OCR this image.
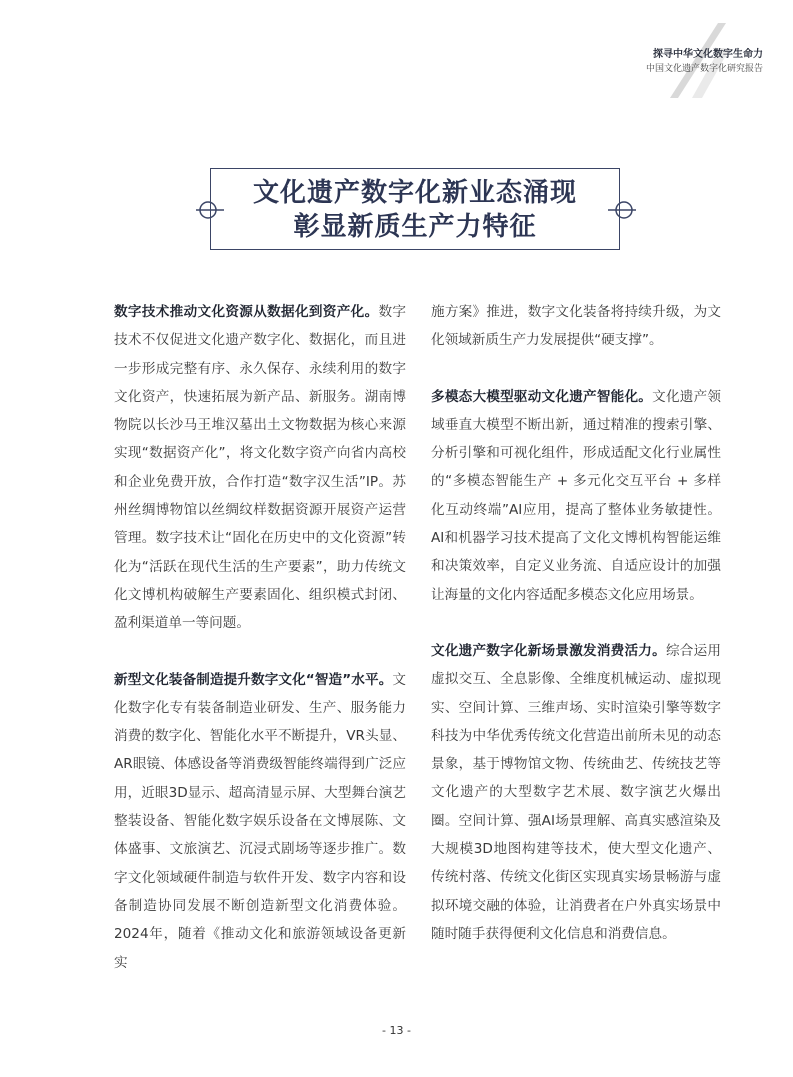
探寻中华文化数字生命力
中国文化遗产数字化研究报告
文化遗产数字化新业态涌现
彰显新质生产力特征

数字技术推动文化资源从数据化到资产化。数字技术不仅促进文化遗产数字化、数据化，而且进一步形成完整有序、永久保存、永续利用的数字文化资产，快速拓展为新产品、新服务。湖南博物院以长沙马王堆汉墓出土文物数据为核心来源实现“数据资产化”，将文化数字资产向省内高校和企业免费开放，合作打造“数字汉生活”IP。苏州丝绸博物馆以丝绸纹样数据资源开展资产运营管理。数字技术让“固化在历史中的文化资源”转化为“活跃在现代生活的生产要素”，助力传统文化文博机构破解生产要素固化、组织模式封闭、盈利渠道单一等问题。

新型文化装备制造提升数字文化“智造”水平。文化数字化专有装备制造业研发、生产、服务能力消费的数字化、智能化水平不断提升，VR头显、AR眼镜、体感设备等消费级智能终端得到广泛应用，近眼3D显示、超高清显示屏、大型舞台演艺整装设备、智能化数字娱乐设备在文博展陈、文体盛事、文旅演艺、沉浸式剧场等逐步推广。数字文化领域硬件制造与软件开发、数字内容和设备制造协同发展不断创造新型文化消费体验。2024年，随着《推动文化和旅游领域设备更新实

施方案》推进，数字文化装备将持续升级，为文化领域新质生产力发展提供“硬支撑”。

多模态大模型驱动文化遗产智能化。文化遗产领域垂直大模型不断出新，通过精准的搜索引擎、分析引擎和可视化组件，形成适配文化行业属性的“多模态智能生产 + 多元化交互平台 + 多样化互动终端”AI应用，提高了整体业务敏捷性。AI和机器学习技术提高了文化文博机构智能运维和决策效率，自定义业务流、自适应设计的加强让海量的文化内容适配多模态文化应用场景。

文化遗产数字化新场景激发消费活力。综合运用虚拟交互、全息影像、全维度机械运动、虚拟现实、空间计算、三维声场、实时渲染引擎等数字科技为中华优秀传统文化营造出前所未见的动态景象，基于博物馆文物、传统曲艺、传统技艺等文化遗产的大型数字艺术展、数字演艺火爆出圈。空间计算、强AI场景理解、高真实感渲染及大规模3D地图构建等技术，使大型文化遗产、传统村落、传统文化街区实现真实场景畅游与虚拟环境交融的体验，让消费者在户外真实场景中随时随手获得便利文化信息和消费信息。

- 13 -
